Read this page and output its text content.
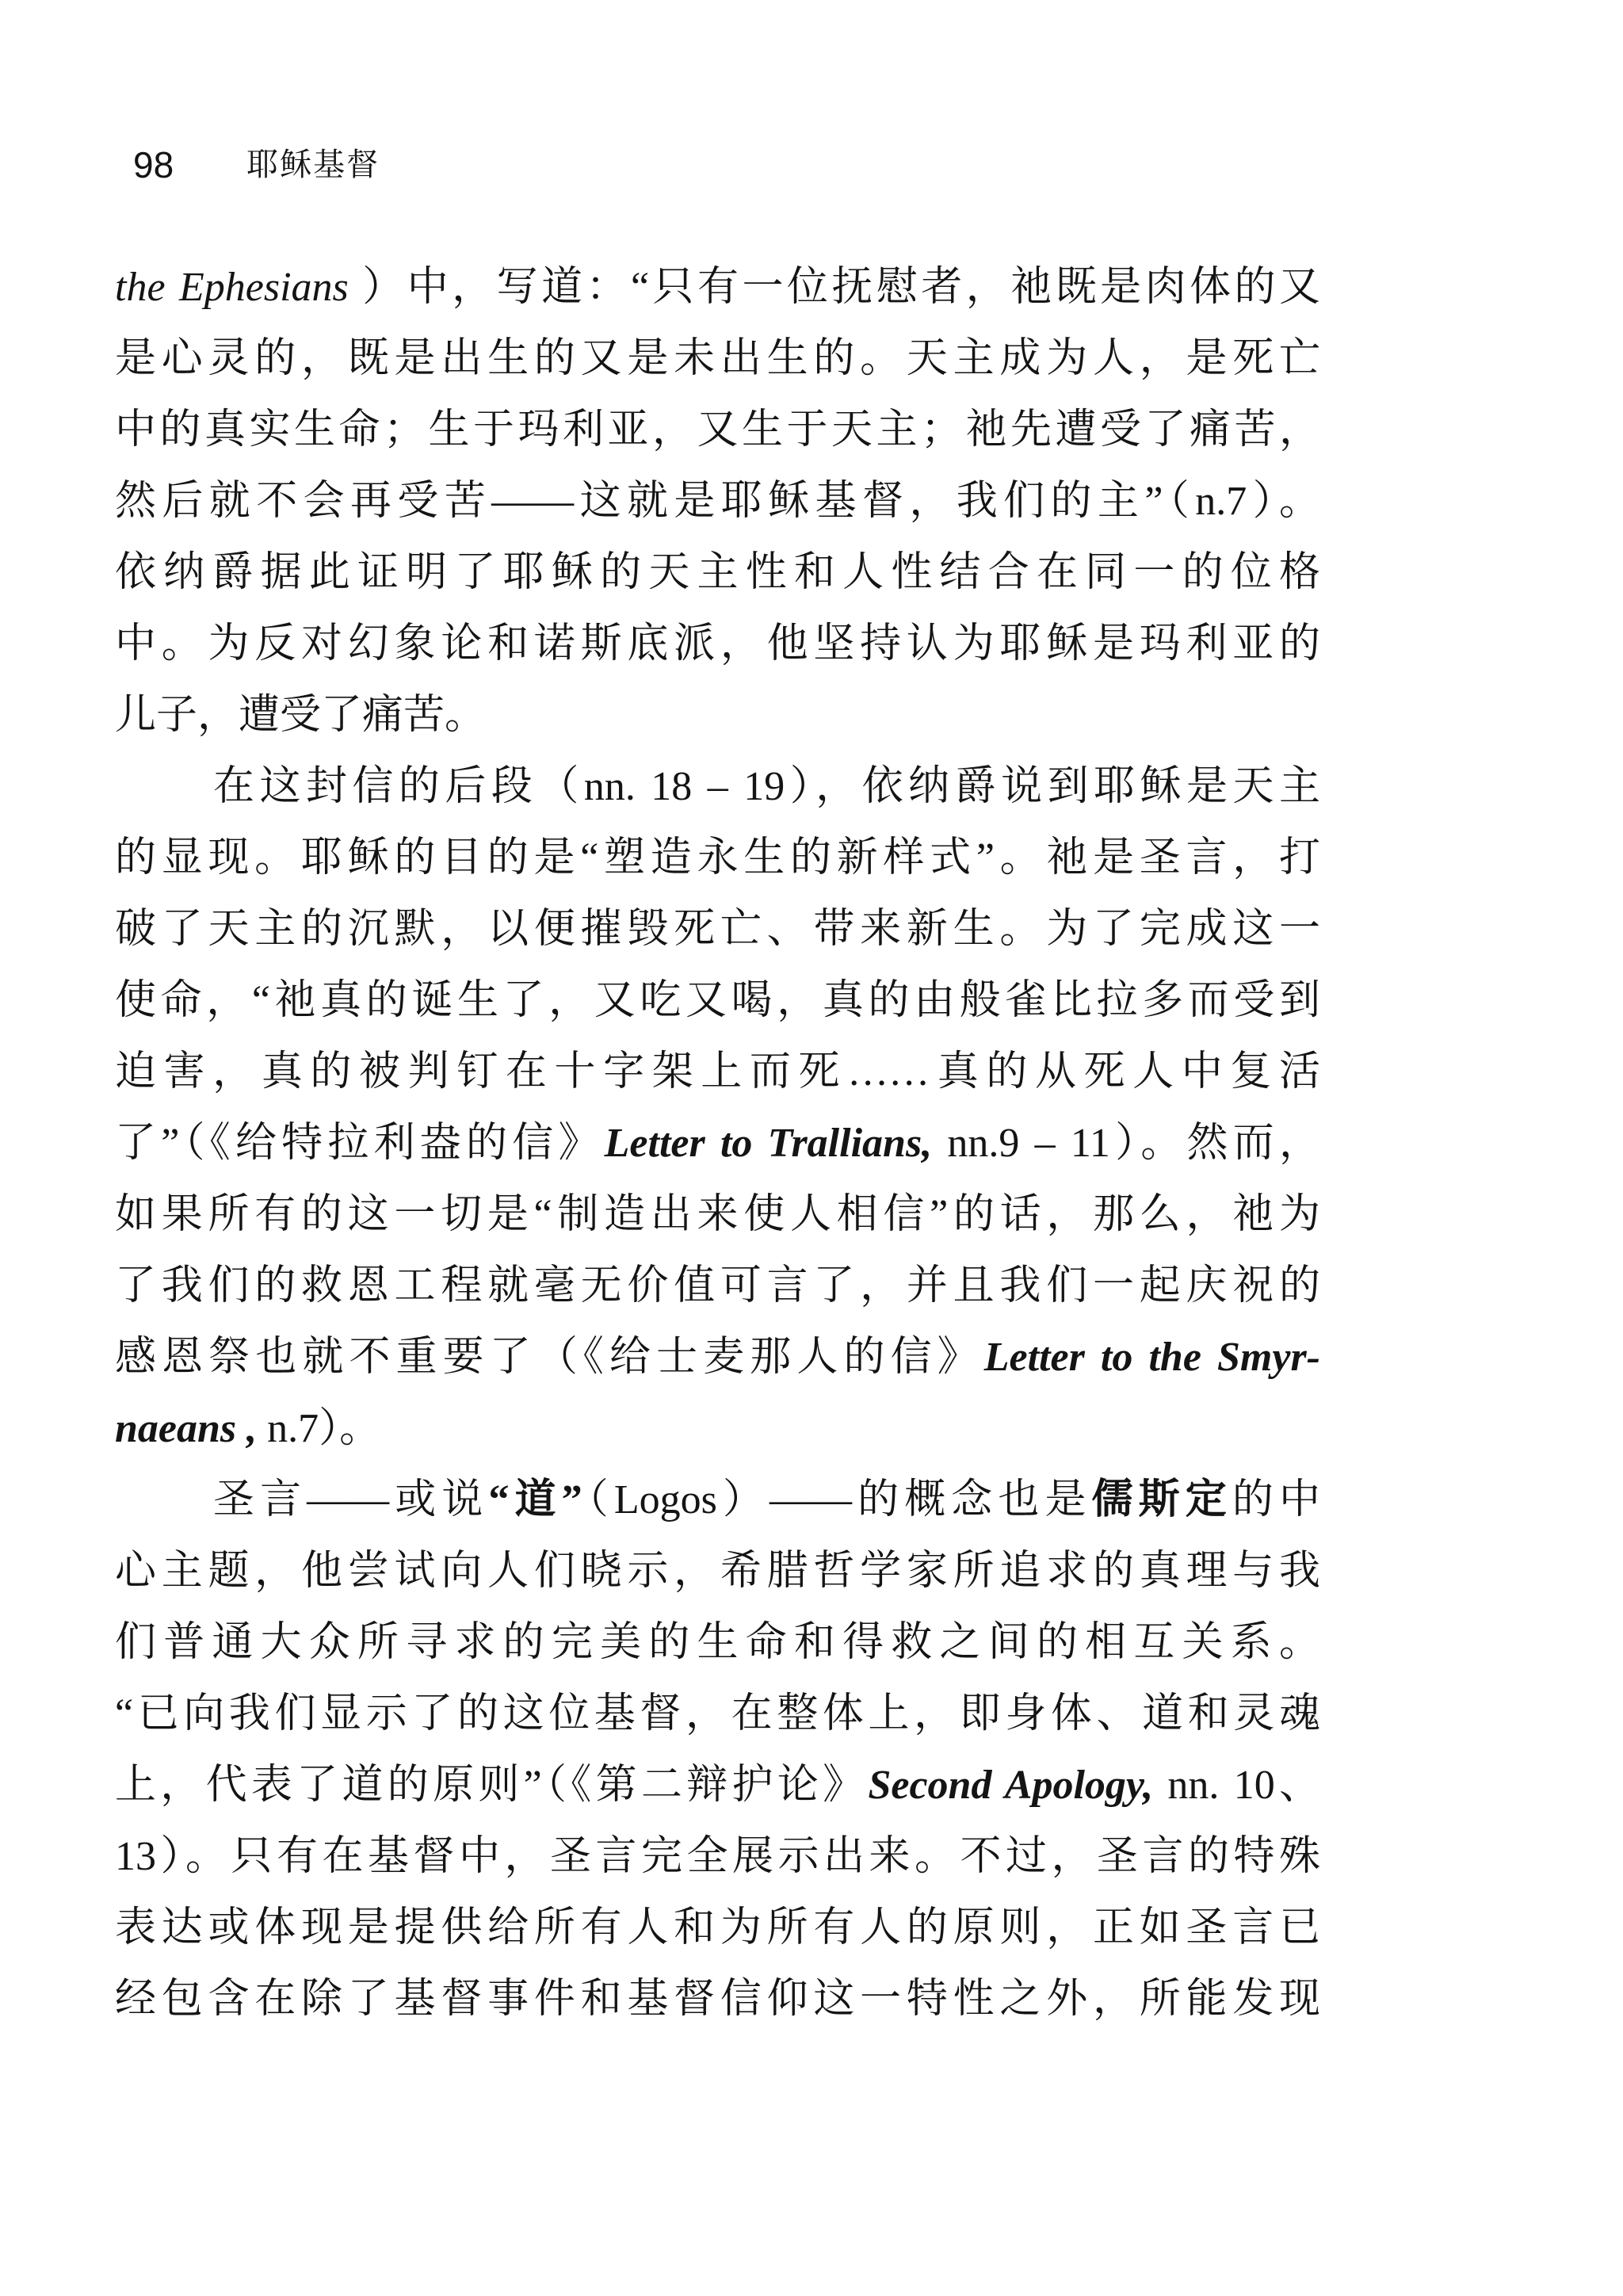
98 耶稣基督
the Ephesians ）中，写道：“只有一位抚慰者，祂既是肉体的又
是心灵的，既是出生的又是未出生的。天主成为人，是死亡
中的真实生命；生于玛利亚，又生于天主；祂先遭受了痛苦，
然后就不会再受苦——这就是耶稣基督，我们的主”（n.7）。
依纳爵据此证明了耶稣的天主性和人性结合在同一的位格
中。为反对幻象论和诺斯底派，他坚持认为耶稣是玛利亚的
儿子，遭受了痛苦。
在这封信的后段（nn. 18 – 19），依纳爵说到耶稣是天主
的显现。耶稣的目的是“塑造永生的新样式”。祂是圣言，打
破了天主的沉默，以便摧毁死亡、带来新生。为了完成这一
使命，“祂真的诞生了，又吃又喝，真的由般雀比拉多而受到
迫害，真的被判钉在十字架上而死……真的从死人中复活
了”（《给特拉利盎的信》Letter to Trallians, nn.9 – 11）。然而，
如果所有的这一切是“制造出来使人相信”的话，那么，祂为
了我们的救恩工程就毫无价值可言了，并且我们一起庆祝的
感恩祭也就不重要了（《给士麦那人的信》Letter to the Smyr-
naeans , n.7）。
圣言——或说“道”（Logos）——的概念也是儒斯定的中
心主题，他尝试向人们晓示，希腊哲学家所追求的真理与我
们普通大众所寻求的完美的生命和得救之间的相互关系。
“已向我们显示了的这位基督，在整体上，即身体、道和灵魂
上，代表了道的原则”（《第二辩护论》Second Apology, nn. 10、
13）。只有在基督中，圣言完全展示出来。不过，圣言的特殊
表达或体现是提供给所有人和为所有人的原则，正如圣言已
经包含在除了基督事件和基督信仰这一特性之外，所能发现
